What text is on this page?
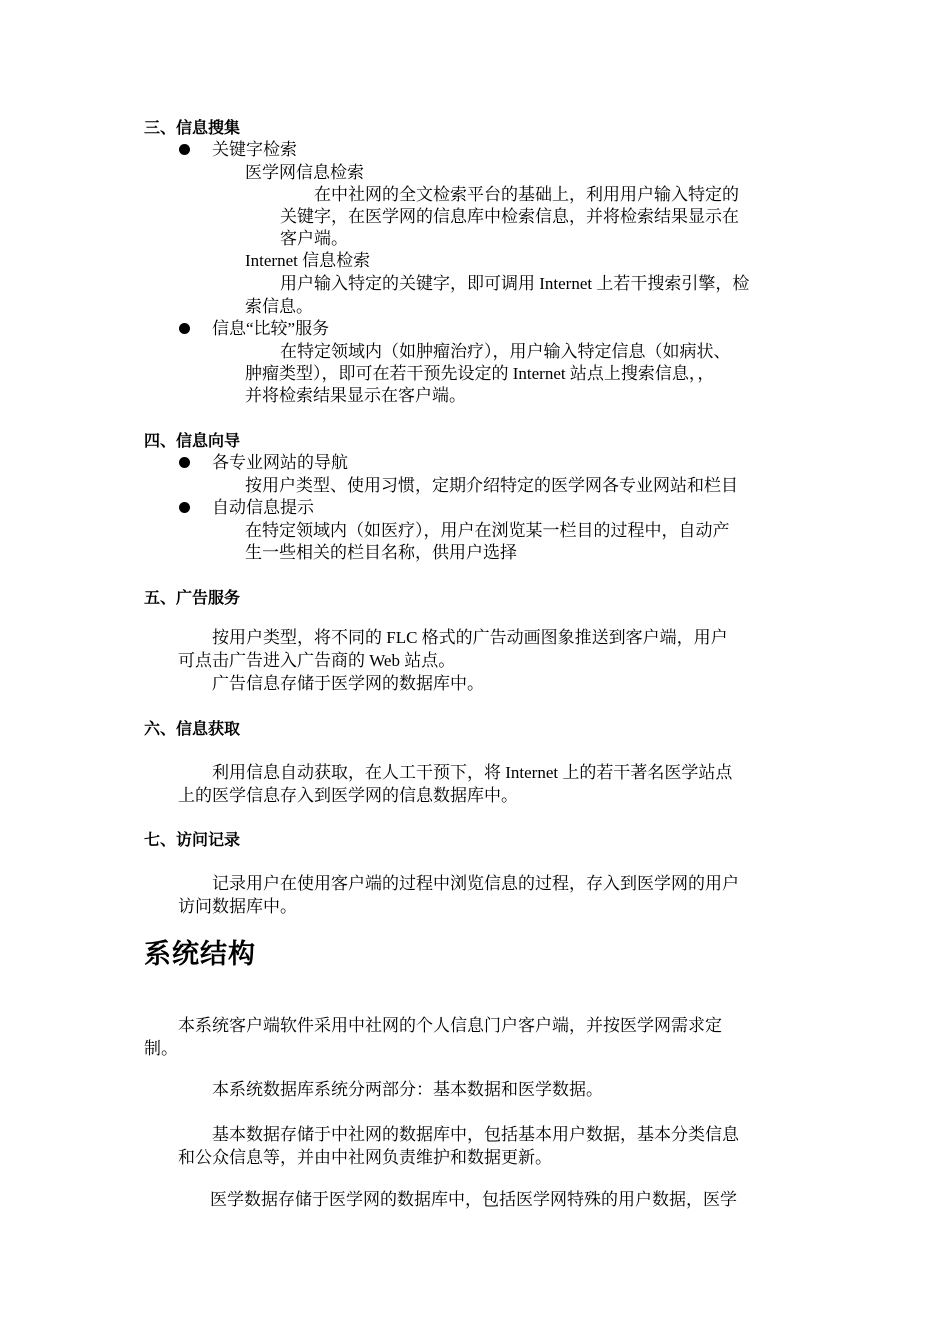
三、信息搜集
关键字检索
医学网信息检索
在中社网的全文检索平台的基础上，利用用户输入特定的
关键字，在医学网的信息库中检索信息，并将检索结果显示在
客户端。
Internet 信息检索
用户输入特定的关键字，即可调用 Internet 上若干搜索引擎，检
索信息。
信息“比较”服务
在特定领域内（如肿瘤治疗），用户输入特定信息（如病状、
肿瘤类型），即可在若干预先设定的 Internet 站点上搜索信息，，
并将检索结果显示在客户端。
四、信息向导
各专业网站的导航
按用户类型、使用习惯，定期介绍特定的医学网各专业网站和栏目
自动信息提示
在特定领域内（如医疗），用户在浏览某一栏目的过程中，自动产
生一些相关的栏目名称，供用户选择
五、广告服务
按用户类型，将不同的 FLC 格式的广告动画图象推送到客户端，用户
可点击广告进入广告商的 Web 站点。
广告信息存储于医学网的数据库中。
六、信息获取
利用信息自动获取，在人工干预下，将 Internet 上的若干著名医学站点
上的医学信息存入到医学网的信息数据库中。
七、访问记录
记录用户在使用客户端的过程中浏览信息的过程，存入到医学网的用户
访问数据库中。
系统结构
本系统客户端软件采用中社网的个人信息门户客户端，并按医学网需求定
制。
本系统数据库系统分两部分：基本数据和医学数据。
基本数据存储于中社网的数据库中，包括基本用户数据，基本分类信息
和公众信息等，并由中社网负责维护和数据更新。
医学数据存储于医学网的数据库中，包括医学网特殊的用户数据，医学
